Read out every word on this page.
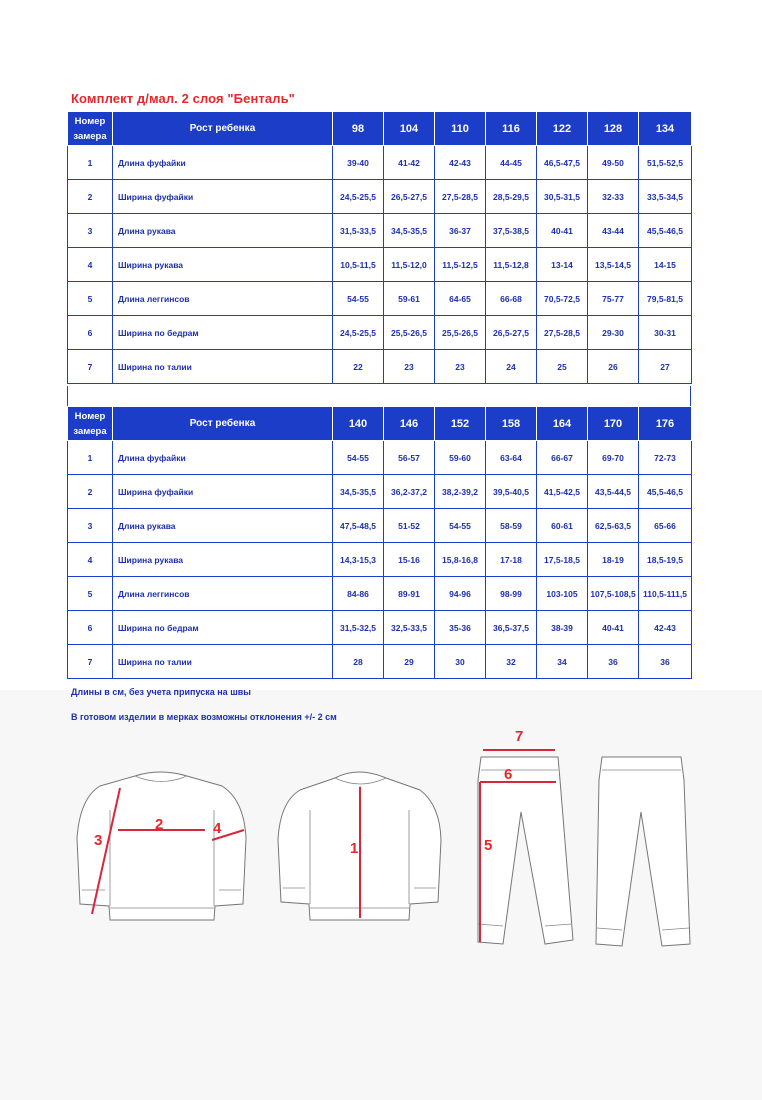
Комплект д/мал. 2 слоя "Бенталь"

Номер
замера	Рост ребенка	98	104	110	116	122	128	134
1	Длина фуфайки	39-40	41-42	42-43	44-45	46,5-47,5	49-50	51,5-52,5
2	Ширина фуфайки	24,5-25,5	26,5-27,5	27,5-28,5	28,5-29,5	30,5-31,5	32-33	33,5-34,5
3	Длина рукава	31,5-33,5	34,5-35,5	36-37	37,5-38,5	40-41	43-44	45,5-46,5
4	Ширина рукава	10,5-11,5	11,5-12,0	11,5-12,5	11,5-12,8	13-14	13,5-14,5	14-15
5	Длина леггинсов	54-55	59-61	64-65	66-68	70,5-72,5	75-77	79,5-81,5
6	Ширина по бедрам	24,5-25,5	25,5-26,5	25,5-26,5	26,5-27,5	27,5-28,5	29-30	30-31
7	Ширина по талии	22	23	23	24	25	26	27
Номер
замера	Рост ребенка	140	146	152	158	164	170	176
1	Длина фуфайки	54-55	56-57	59-60	63-64	66-67	69-70	72-73
2	Ширина фуфайки	34,5-35,5	36,2-37,2	38,2-39,2	39,5-40,5	41,5-42,5	43,5-44,5	45,5-46,5
3	Длина рукава	47,5-48,5	51-52	54-55	58-59	60-61	62,5-63,5	65-66
4	Ширина рукава	14,3-15,3	15-16	15,8-16,8	17-18	17,5-18,5	18-19	18,5-19,5
5	Длина леггинсов	84-86	89-91	94-96	98-99	103-105	107,5-108,5	110,5-111,5
6	Ширина по бедрам	31,5-32,5	32,5-33,5	35-36	36,5-37,5	38-39	40-41	42-43
7	Ширина по талии	28	29	30	32	34	36	36

Длины в см, без учета припуска на швы

В готовом изделии в мерках возможны отклонения +/- 2 см

1
2
3
4
5
6
7
